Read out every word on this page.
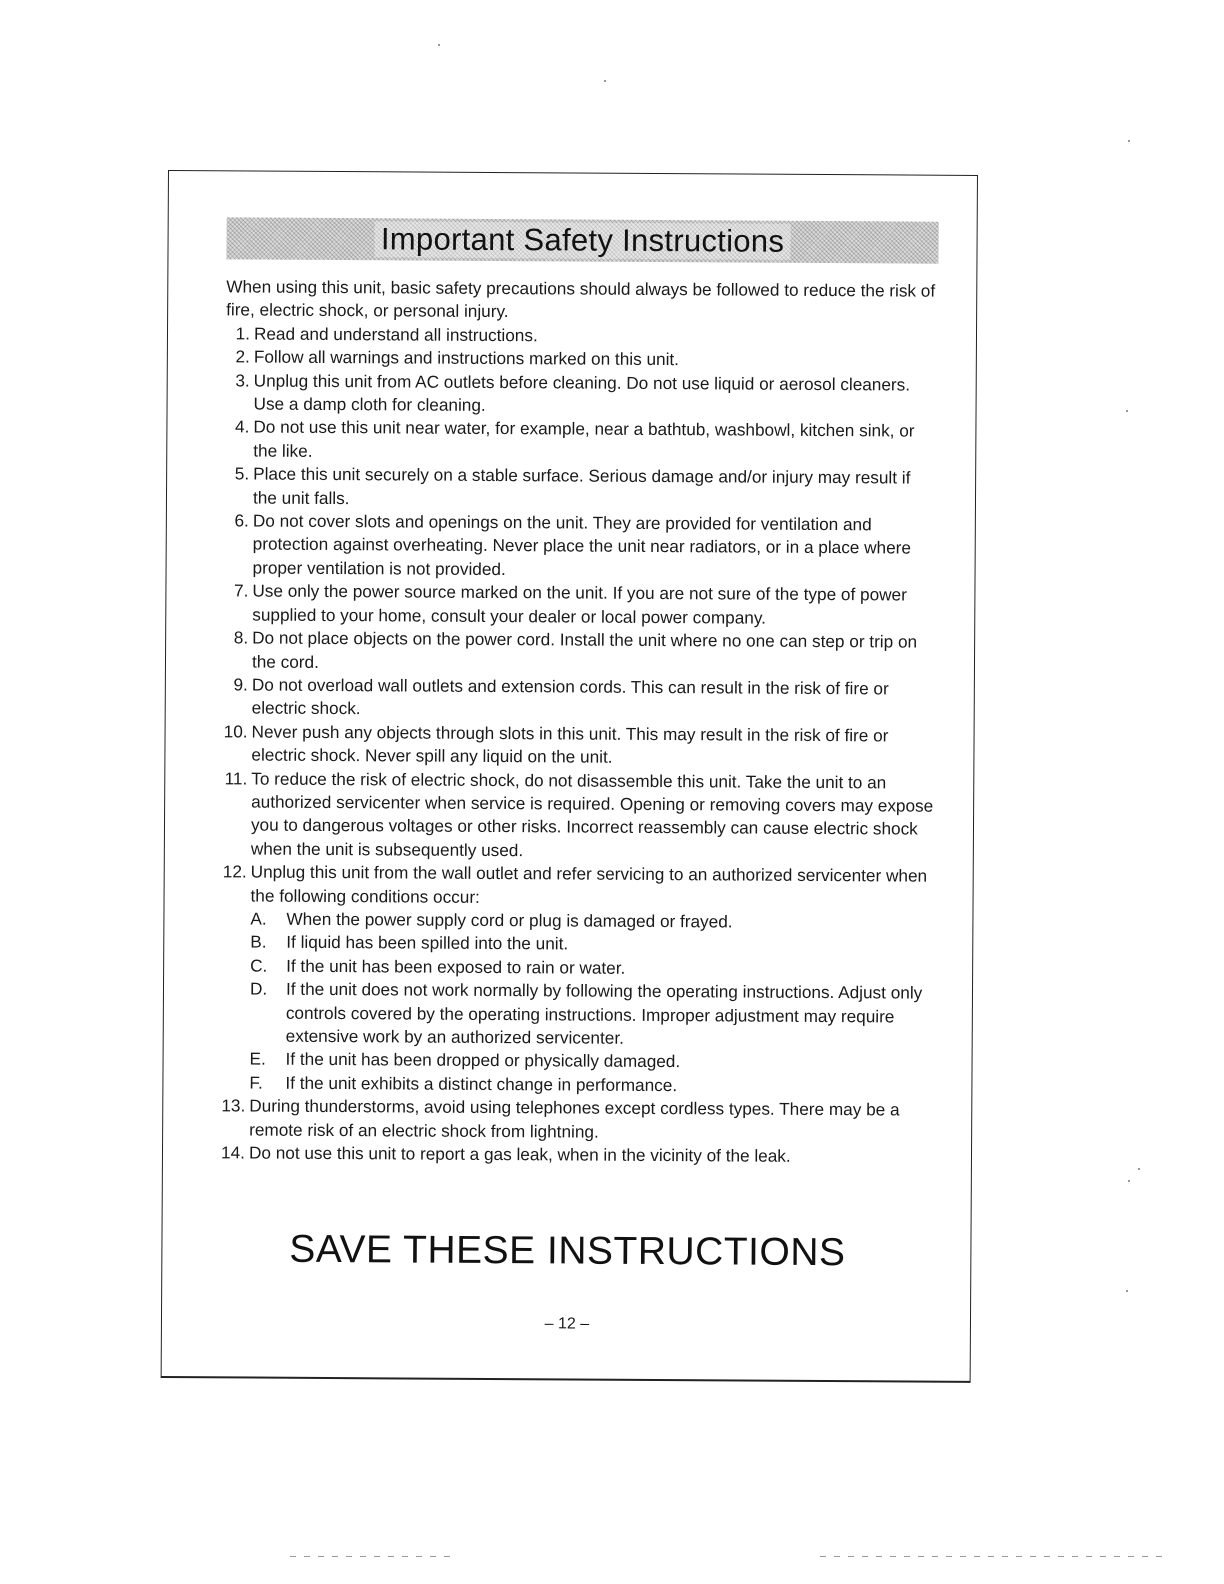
Important Safety Instructions

When using this unit, basic safety precautions should always be followed to reduce the risk of fire, electric shock, or personal injury.

1. Read and understand all instructions.
2. Follow all warnings and instructions marked on this unit.
3. Unplug this unit from AC outlets before cleaning. Do not use liquid or aerosol cleaners. Use a damp cloth for cleaning.
4. Do not use this unit near water, for example, near a bathtub, washbowl, kitchen sink, or the like.
5. Place this unit securely on a stable surface. Serious damage and/or injury may result if the unit falls.
6. Do not cover slots and openings on the unit. They are provided for ventilation and protection against overheating. Never place the unit near radiators, or in a place where proper ventilation is not provided.
7. Use only the power source marked on the unit. If you are not sure of the type of power supplied to your home, consult your dealer or local power company.
8. Do not place objects on the power cord. Install the unit where no one can step or trip on the cord.
9. Do not overload wall outlets and extension cords. This can result in the risk of fire or electric shock.
10. Never push any objects through slots in this unit. This may result in the risk of fire or electric shock. Never spill any liquid on the unit.
11. To reduce the risk of electric shock, do not disassemble this unit. Take the unit to an authorized servicenter when service is required. Opening or removing covers may expose you to dangerous voltages or other risks. Incorrect reassembly can cause electric shock when the unit is subsequently used.
12. Unplug this unit from the wall outlet and refer servicing to an authorized servicenter when the following conditions occur:
A. When the power supply cord or plug is damaged or frayed.
B. If liquid has been spilled into the unit.
C. If the unit has been exposed to rain or water.
D. If the unit does not work normally by following the operating instructions. Adjust only controls covered by the operating instructions. Improper adjustment may require extensive work by an authorized servicenter.
E. If the unit has been dropped or physically damaged.
F. If the unit exhibits a distinct change in performance.
13. During thunderstorms, avoid using telephones except cordless types. There may be a remote risk of an electric shock from lightning.
14. Do not use this unit to report a gas leak, when in the vicinity of the leak.
SAVE THESE INSTRUCTIONS
– 12 –
